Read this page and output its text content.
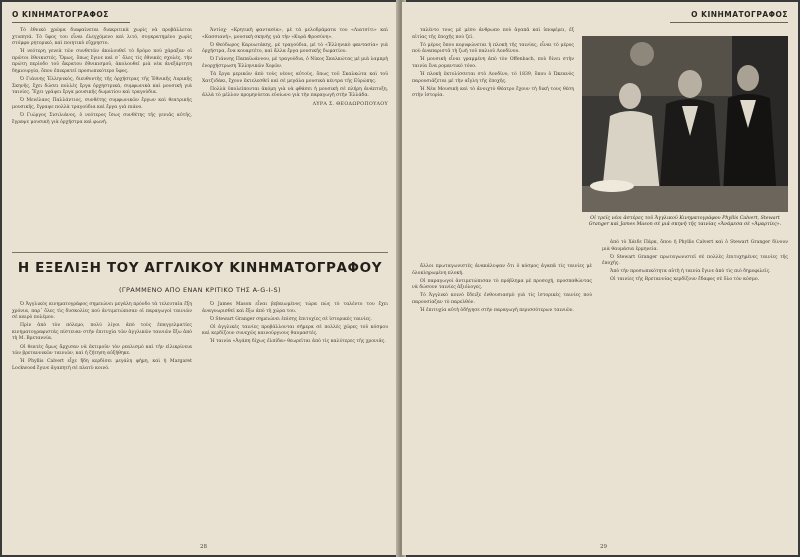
Ο ΚΙΝΗΜΑΤΟΓΡΑΦΟΣ

Τὸ ἐθνικὸ χρῶμα διαφαίνεται διακριτικὰ χωρὶς νὰ προβάλλεται χτυπητά. Τὸ ὕφος του εἶναι ἐλεγχόμενο καὶ λιτό, συγκρατημένο χωρὶς στόμφο ρητορικό, καὶ ποιητικὸ εὔχρηστο.

Ἡ νεότερη γενεὰ τῶν συνθετῶν ἀκολουθεῖ τὸ δρόμο ποὺ χάραξαν οἱ πρῶτοι ἐθνικιστές. Ὅμως, ὅπως ἔγινε καὶ σ᾽ ὅλες τὶς ἐθνικές σχολές, τὴν πρώτη περίοδο τοῦ ἄκρατου ἐθνικισμοῦ, ἀκολουθεῖ μιὰ νέα ἀνεξάρτητη δημιουργία, ὅπου ἐπικρατεῖ προσωπικότερο ὕφος.

Ὁ Γιάννης Ἑλληνικός, διευθυντὴς τῆς ὀρχήστρας τῆς Ἐθνικῆς Λυρικῆς Σκηνῆς, ἔχει δώσει πολλὲς ἔργα ὀρχηστρικά, συμφωνικὰ καὶ μουσικὴ γιὰ ταινίες. Ἔχει γράψει ἔργα μουσικῆς δωματίου καὶ τραγούδια.

Ὁ Μενέλαος Παλλάντιος, συνθέτης συμφωνικῶν ἔργων καὶ θεατρικῆς μουσικῆς, ἔγραψε πολλὰ τραγούδια καὶ ἔργα γιὰ πιάνο.

Ὁ Γιώργος Σισιλιάνος, ὁ νεότερος ἴσως συνθέτης τῆς γενιᾶς αὐτῆς, ἔγραψε μουσικὴ γιὰ ὀρχήστρα καὶ φωνή.

Ἀντίοχ· «Κρητικὴ φαντασία», μὲ τὰ μελοδράματα του «Λιατσίτι» καὶ «Κασσιανή», μουσικὴ σκηνὴς γιὰ τὴν «Κυρά Φροσύνη».

Ὁ Θεόδωρος Καρυωτάκης, μὲ τραγούδια, μὲ τὸ «Ἑλληνικὸ φαντασία» γιὰ ὀρχήστρα, ἔνα κουαρτέτο, καὶ ἄλλα ἔργα μουσικῆς δωματίου.

Ὁ Γιάννης Παπαϊωάννου, μὲ τραγούδια, ὁ Νίκος Σκαλκώτας μὲ μιὰ λαμπρὴ ἐνορχήστρωση Ἑλληνικῶν Χορῶν.

Τὰ ἔργα μερικῶν ἀπὸ τοὺς νέους αὐτοὺς, ὅπως τοῦ Σκαλκώτα καὶ τοῦ Χατζιδάκι, ἔχουν ἐκτελεσθεῖ καὶ σὲ μεγάλα μουσικὰ κέντρα τῆς Εὐρώπης.

Πολλὰ ὑπολείπονται ἀκόμη γιὰ νὰ φθάσει ἡ μουσικὴ σὲ πλήρη ἀνάπτυξη, ἀλλὰ τὸ μέλλον προμηνύεται εὐοίωνο γιὰ τὴν παραγωγὴ στὴν Ἑλλάδα.

ΛΥΡΑ Σ. ΘΕΟΔΩΡΟΠΟΥΛΟΥ
Η ΕΞΕΛΙΞΗ ΤΟΥ ΑΓΓΛΙΚΟΥ ΚΙΝΗΜΑΤΟΓΡΑΦΟΥ
(ΓΡΑΜΜΕΝΟ ΑΠΟ ΕΝΑΝ ΚΡΙΤΙΚΟ ΤΗΣ A-G-I-S)

Ὁ Ἀγγλικὸς κινηματογράφος σημειώνει μεγάλη πρόοδο τὰ τελευταῖα ἕξη χρόνια, παρ᾽ ὅλες τὶς δυσκολίες ποὺ ἀντιμετώπισαν οἱ παραγωγοὶ ταινιῶν σὲ καιρὸ πολέμου.

Πρὶν ἀπὸ τὸν πόλεμο, πολὺ λίγοι ἀπὸ τοὺς ἐπαγγελματίες κινηματογραφιστὰς πίστευαν στὴν ἐπιτυχία τῶν ἀγγλικῶν ταινιῶν ἔξω ἀπὸ τὴ Μ. Βρεταννία.

Οἱ θεατὲς ὅμως ἄρχισαν νὰ ἐκτιμοῦν τὸν ρεαλισμὸ καὶ τὴν εἰλικρίνεια τῶν βρεταννικῶν ταινιῶν, καὶ ἡ ζήτηση αὐξήθηκε.

Ἡ Phyllis Calvert εἶχε ἤδη κερδίσει μεγάλη φήμη, καὶ ἡ Margaret Lockwood ἔγινε ἀγαπητὴ σὲ πλατὺ κοινό.

Ὁ James Mason εἶναι βεβαιωμένος τώρα πὼς τὸ ταλέντο του ἔχει ἀναγνωρισθεῖ καὶ ἔξω ἀπὸ τὴ χώρα του.

Ὁ Stewart Granger σημειώνει ἐπίσης ἐπιτυχίες σὲ ἱστορικὲς ταινίες.

Οἱ ἀγγλικὲς ταινίες προβάλλονται σήμερα σὲ πολλὲς χῶρες τοῦ κόσμου καὶ κερδίζουν συνεχῶς καινούργιους θαυμαστές.

Ἡ ταινία «Ἀγάπη δίχως ἐλπίδα» θεωρεῖται ἀπὸ τὶς καλύτερες τῆς χρονιᾶς.

28
Ο ΚΙΝΗΜΑΤΟΓΡΑΦΟΣ

ταλέντο τους μὲ μέσο ἀνθρωπο ποὺ ἀγαπᾶ καὶ ὑποφέρει, ἐξ αἰτίας τῆς ἐποχῆς ποὺ ζεῖ.

Τὸ μέρος ὅπου κορυφώνεται ἡ πλοκὴ τῆς ταινίας, εἶναι τὸ μέρος ποὺ ἀναπαριστᾶ τὴ ζωὴ τοῦ παλιοῦ Λονδίνου.

Ἡ μουσικὴ εἶναι γραμμένη ἀπὸ τὸν Offenbach, ποὺ δίνει στὴν ταινία ἕνα ρομαντικὸ τόνο.

Ἡ πλοκὴ ἐκτυλίσσεται στὸ Λονδίνο, τὸ 1839, ὅπου ὁ Ὠκεανὸς παρουσιάζεται μὲ τὴν αἴγλη τῆς ἐποχῆς.

Ἡ Νέα Μουσικὴ καὶ τὸ ἀνοιχτὸ Θέατρο ἔχουν τὴ δική τους θέση στὴν ἱστορία.

Οἱ τρεῖς νέοι ἀστέρες τοῦ Ἀγγλικοῦ Κινηματογράφου Phyllis Calvert, Stewart Granger καὶ James Mason σὲ μιὰ σκηνὴ τῆς ταινίας «Ἀνάμεσα σὲ «Ἀμαρτίες».

ἄλλοι πρωταγωνιστὲς ἀνακάλυψαν ὅτι ὁ κόσμος ἀγαπᾶ τὶς ταινίες μὲ ὁλοκληρωμένη πλοκή.

Οἱ παραγωγοὶ ἀντιμετώπισαν τὸ πρόβλημα μὲ προσοχή, προσπαθώντας νὰ δώσουν ταινίες ἀξιόλογες.

Τὸ Ἀγγλικὸ κοινὸ ἔδειξε ἐνθουσιασμὸ γιὰ τὶς ἱστορικὲς ταινίες ποὺ παρουσίαζαν τὸ παρελθόν.

Ἡ ἐπιτυχία αὐτὴ ὁδήγησε στὴν παραγωγὴ περισσότερων ταινιῶν.

ἀπὸ τὸ Χάιδε Πάρκ, ὅπου ἡ Phyllis Calvert καὶ ὁ Stewart Granger δίνουν μιὰ θαυμάσια ἑρμηνεία.

Ὁ Stewart Granger πρωταγωνιστεῖ σὲ πολλὲς ἐπιτυχημένες ταινίες τῆς ἐποχῆς.

Ἀπὸ τὴν προσωπικότητα αὐτὴ ἡ ταινία ἔγινε ἀπὸ τὶς πιὸ δημοφιλεῖς.

Οἱ ταινίες τῆς Βρεταννίας κερδίζουν ἔδαφος σὲ ὅλο τὸν κόσμο.

29
